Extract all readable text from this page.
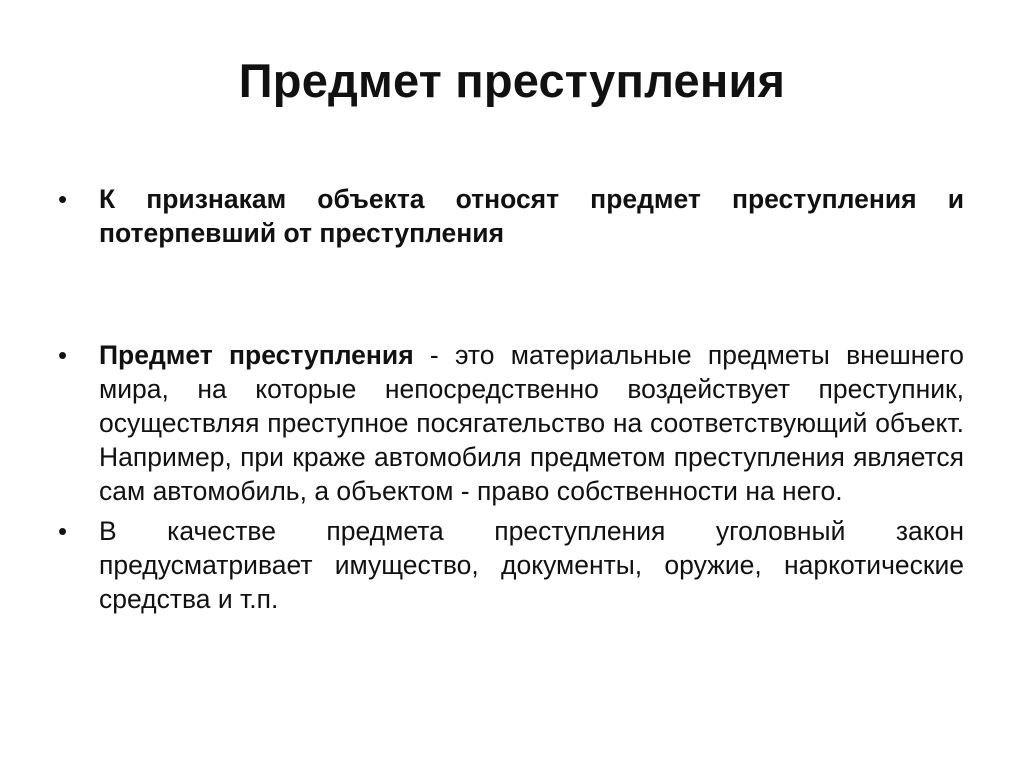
Предмет преступления
•	К признакам объекта относят предмет преступления и потерпевший от преступления
•	Предмет преступления - это материальные предметы внешнего мира, на которые непосредственно воздействует преступник, осуществляя преступное посягательство на соответствующий объект. Например, при краже автомобиля предметом преступления является сам автомобиль, а объектом - право собственности на него.
•	В качестве предмета преступления уголовный закон предусматривает имущество, документы, оружие, наркотические средства и т.п.
